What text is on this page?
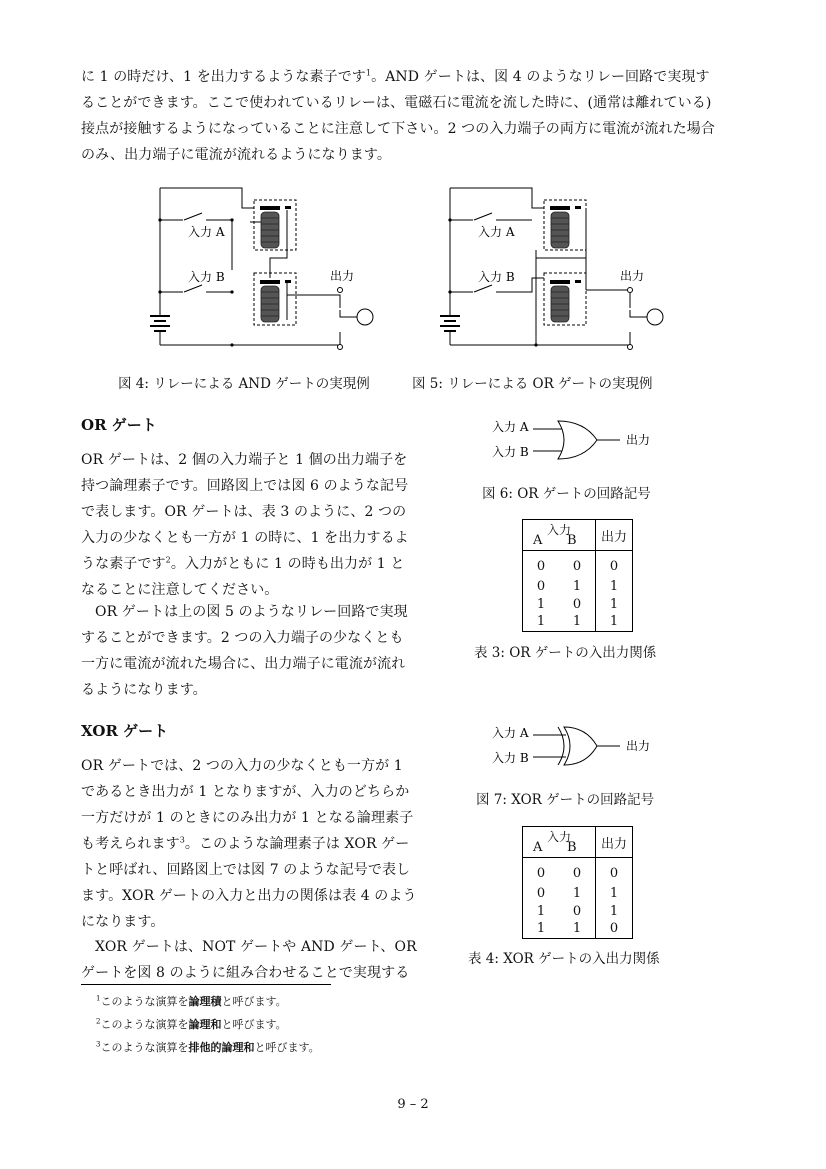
に 1 の時だけ、1 を出力するような素子です$^1$。AND ゲートは、図 4 のようなリレー回路で実現することができます。ここで使われているリレーは、電磁石に電流を流した時に、(通常は離れている) 接点が接触するようになっていることに注意して下さい。2 つの入力端子の両方に電流が流れた場合のみ、出力端子に電流が流れるようになります。
入力 A
入力 B	出力
入力 A
入力 B	出力
図 4: リレーによる AND ゲートの実現例	図 5: リレーによる OR ゲートの実現例
OR ゲート
OR ゲートは、2 個の入力端子と 1 個の出力端子を持つ論理素子です。回路図上では図 6 のような記号で表します。OR ゲートは、表 3 のように、2 つの入力の少なくとも一方が 1 の時に、1 を出力するような素子です$^2$。入力がともに 1 の時も出力が 1 となることに注意してください。
OR ゲートは上の図 5 のようなリレー回路で実現することができます。2 つの入力端子の少なくとも一方に電流が流れた場合に、出力端子に電流が流れるようになります。
XOR ゲート
OR ゲートでは、2 つの入力の少なくとも一方が 1 であるとき出力が 1 となりますが、入力のどちらか一方だけが 1 のときにのみ出力が 1 となる論理素子も考えられます$^3$。このような論理素子は XOR ゲートと呼ばれ、回路図上では図 7 のような記号で表します。XOR ゲートの入力と出力の関係は表 4 のようになります。
XOR ゲートは、NOT ゲートや AND ゲート、OR ゲートを図 8 のように組み合わせることで実現する
入力 A
入力 B
出力
図 6: OR ゲートの回路記号
入力
A B		出力
0	0	0
0	1	1
1	0	1
1	1	1
表 3: OR ゲートの入出力関係
入力 A
入力 B
出力
図 7: XOR ゲートの回路記号
入力
A B		出力
0	0	0
0	1	1
1	0	1
1	1	0
表 4: XOR ゲートの入出力関係
$^1$このような演算を論理積と呼びます。
$^2$このような演算を論理和と呼びます。
$^3$このような演算を排他的論理和と呼びます。
9 – 2
